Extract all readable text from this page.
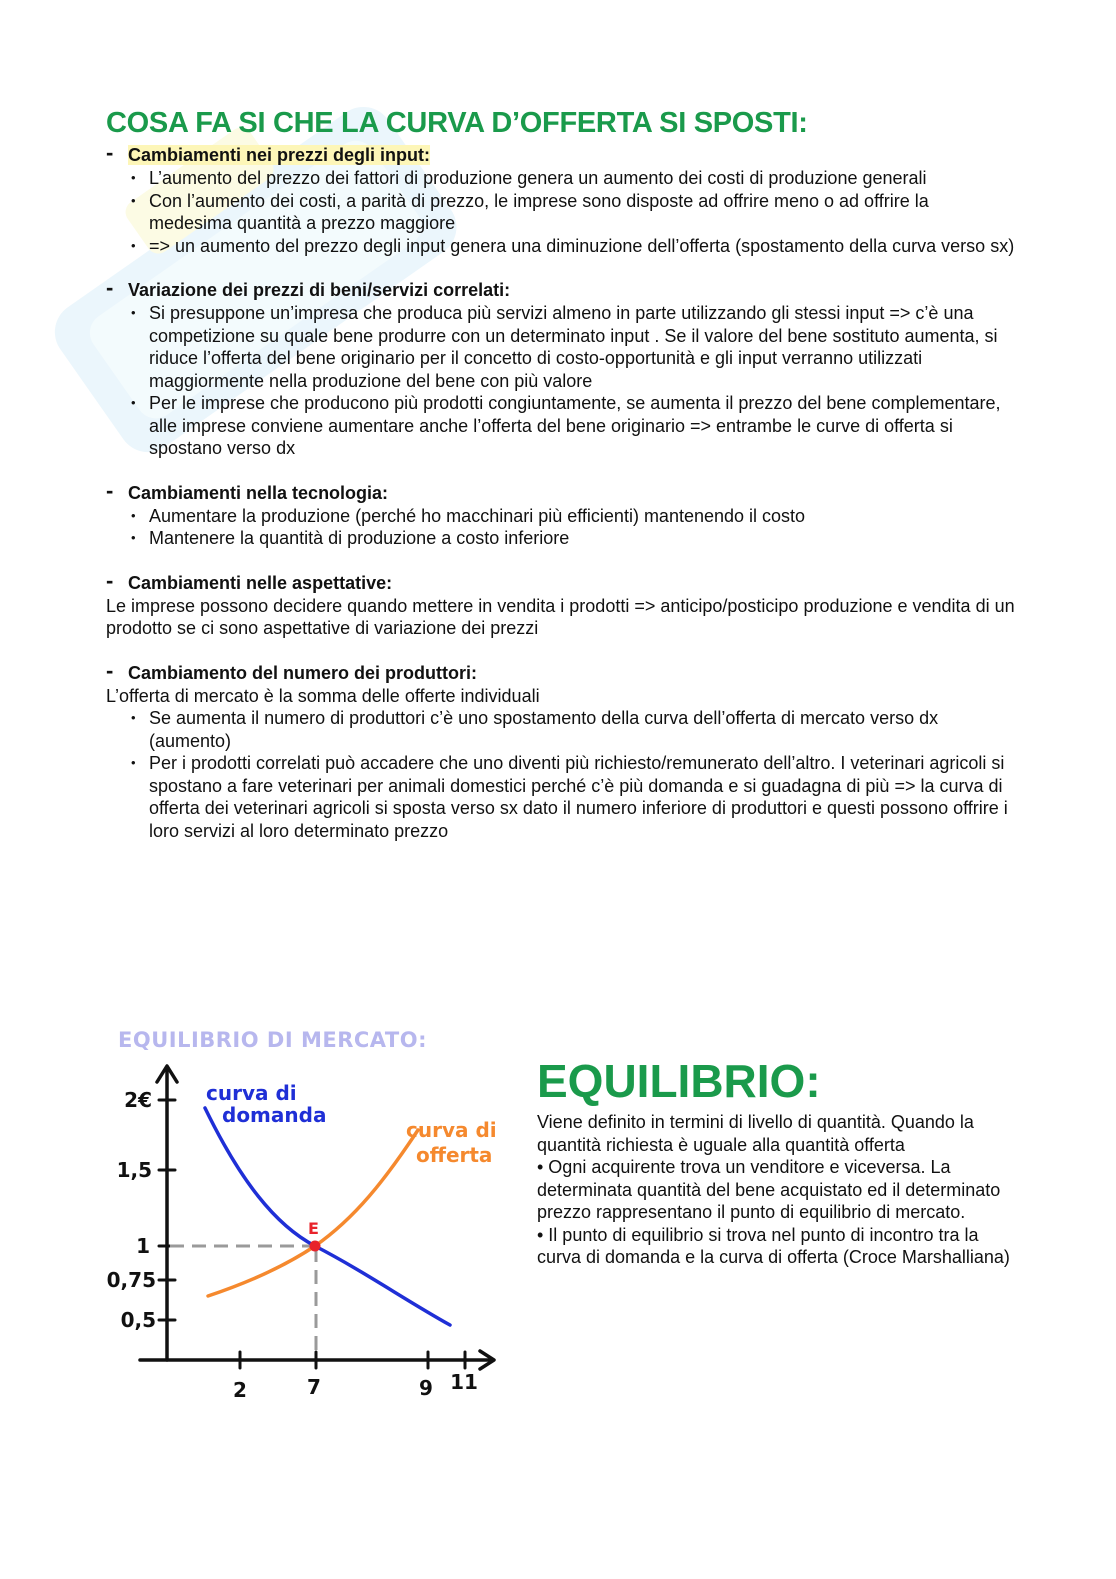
COSA FA SI CHE LA CURVA D’OFFERTA SI SPOSTI:
- Cambiamenti nei prezzi degli input:
• L’aumento del prezzo dei fattori di produzione genera un aumento dei costi di produzione generali
• Con l’aumento dei costi, a parità di prezzo, le imprese sono disposte ad offrire meno o ad offrire la medesima quantità a prezzo maggiore
• => un aumento del prezzo degli input genera una diminuzione dell’offerta (spostamento della curva verso sx)
- Variazione dei prezzi di beni/servizi correlati:
• Si presuppone un’impresa che produca più servizi almeno in parte utilizzando gli stessi input => c’è una competizione su quale bene produrre con un determinato input . Se il valore del bene sostituto aumenta, si riduce l’offerta del bene originario per il concetto di costo-opportunità e gli input verranno utilizzati maggiormente nella produzione del bene con più valore
• Per le imprese che producono più prodotti congiuntamente, se aumenta il prezzo del bene complementare, alle imprese conviene aumentare anche l’offerta del bene originario => entrambe le curve di offerta si spostano verso dx
- Cambiamenti nella tecnologia:
• Aumentare la produzione (perché ho macchinari più efficienti) mantenendo il costo
• Mantenere la quantità di produzione a costo inferiore
- Cambiamenti nelle aspettative:

Le imprese possono decidere quando mettere in vendita i prodotti => anticipo/posticipo produzione e vendita di un prodotto se ci sono aspettative di variazione dei prezzi

- Cambiamento del numero dei produttori:

L’offerta di mercato è la somma delle offerte individuali

• Se aumenta il numero di produttori c’è uno spostamento della curva dell’offerta di mercato verso dx (aumento)
• Per i prodotti correlati può accadere che uno diventi più richiesto/remunerato dell’altro. I veterinari agricoli si spostano a fare veterinari per animali domestici perché c’è più domanda e si guadagna di più => la curva di offerta dei veterinari agricoli si sposta verso sx dato il numero inferiore di produttori e questi possono offrire i loro servizi al loro determinato prezzo
EQUILIBRIO DI MERCATO:
2€
1,5
1
0,75
0,5
2	7	9 11
E
curva di
domanda
curva di
offerta
EQUILIBRIO:

Viene definito in termini di livello di quantità. Quando la quantità richiesta è uguale alla quantità offerta

• Ogni acquirente trova un venditore e viceversa. La determinata quantità del bene acquistato ed il determinato prezzo rappresentano il punto di equilibrio di mercato.

• Il punto di equilibrio si trova nel punto di incontro tra la curva di domanda e la curva di offerta (Croce Marshalliana)
